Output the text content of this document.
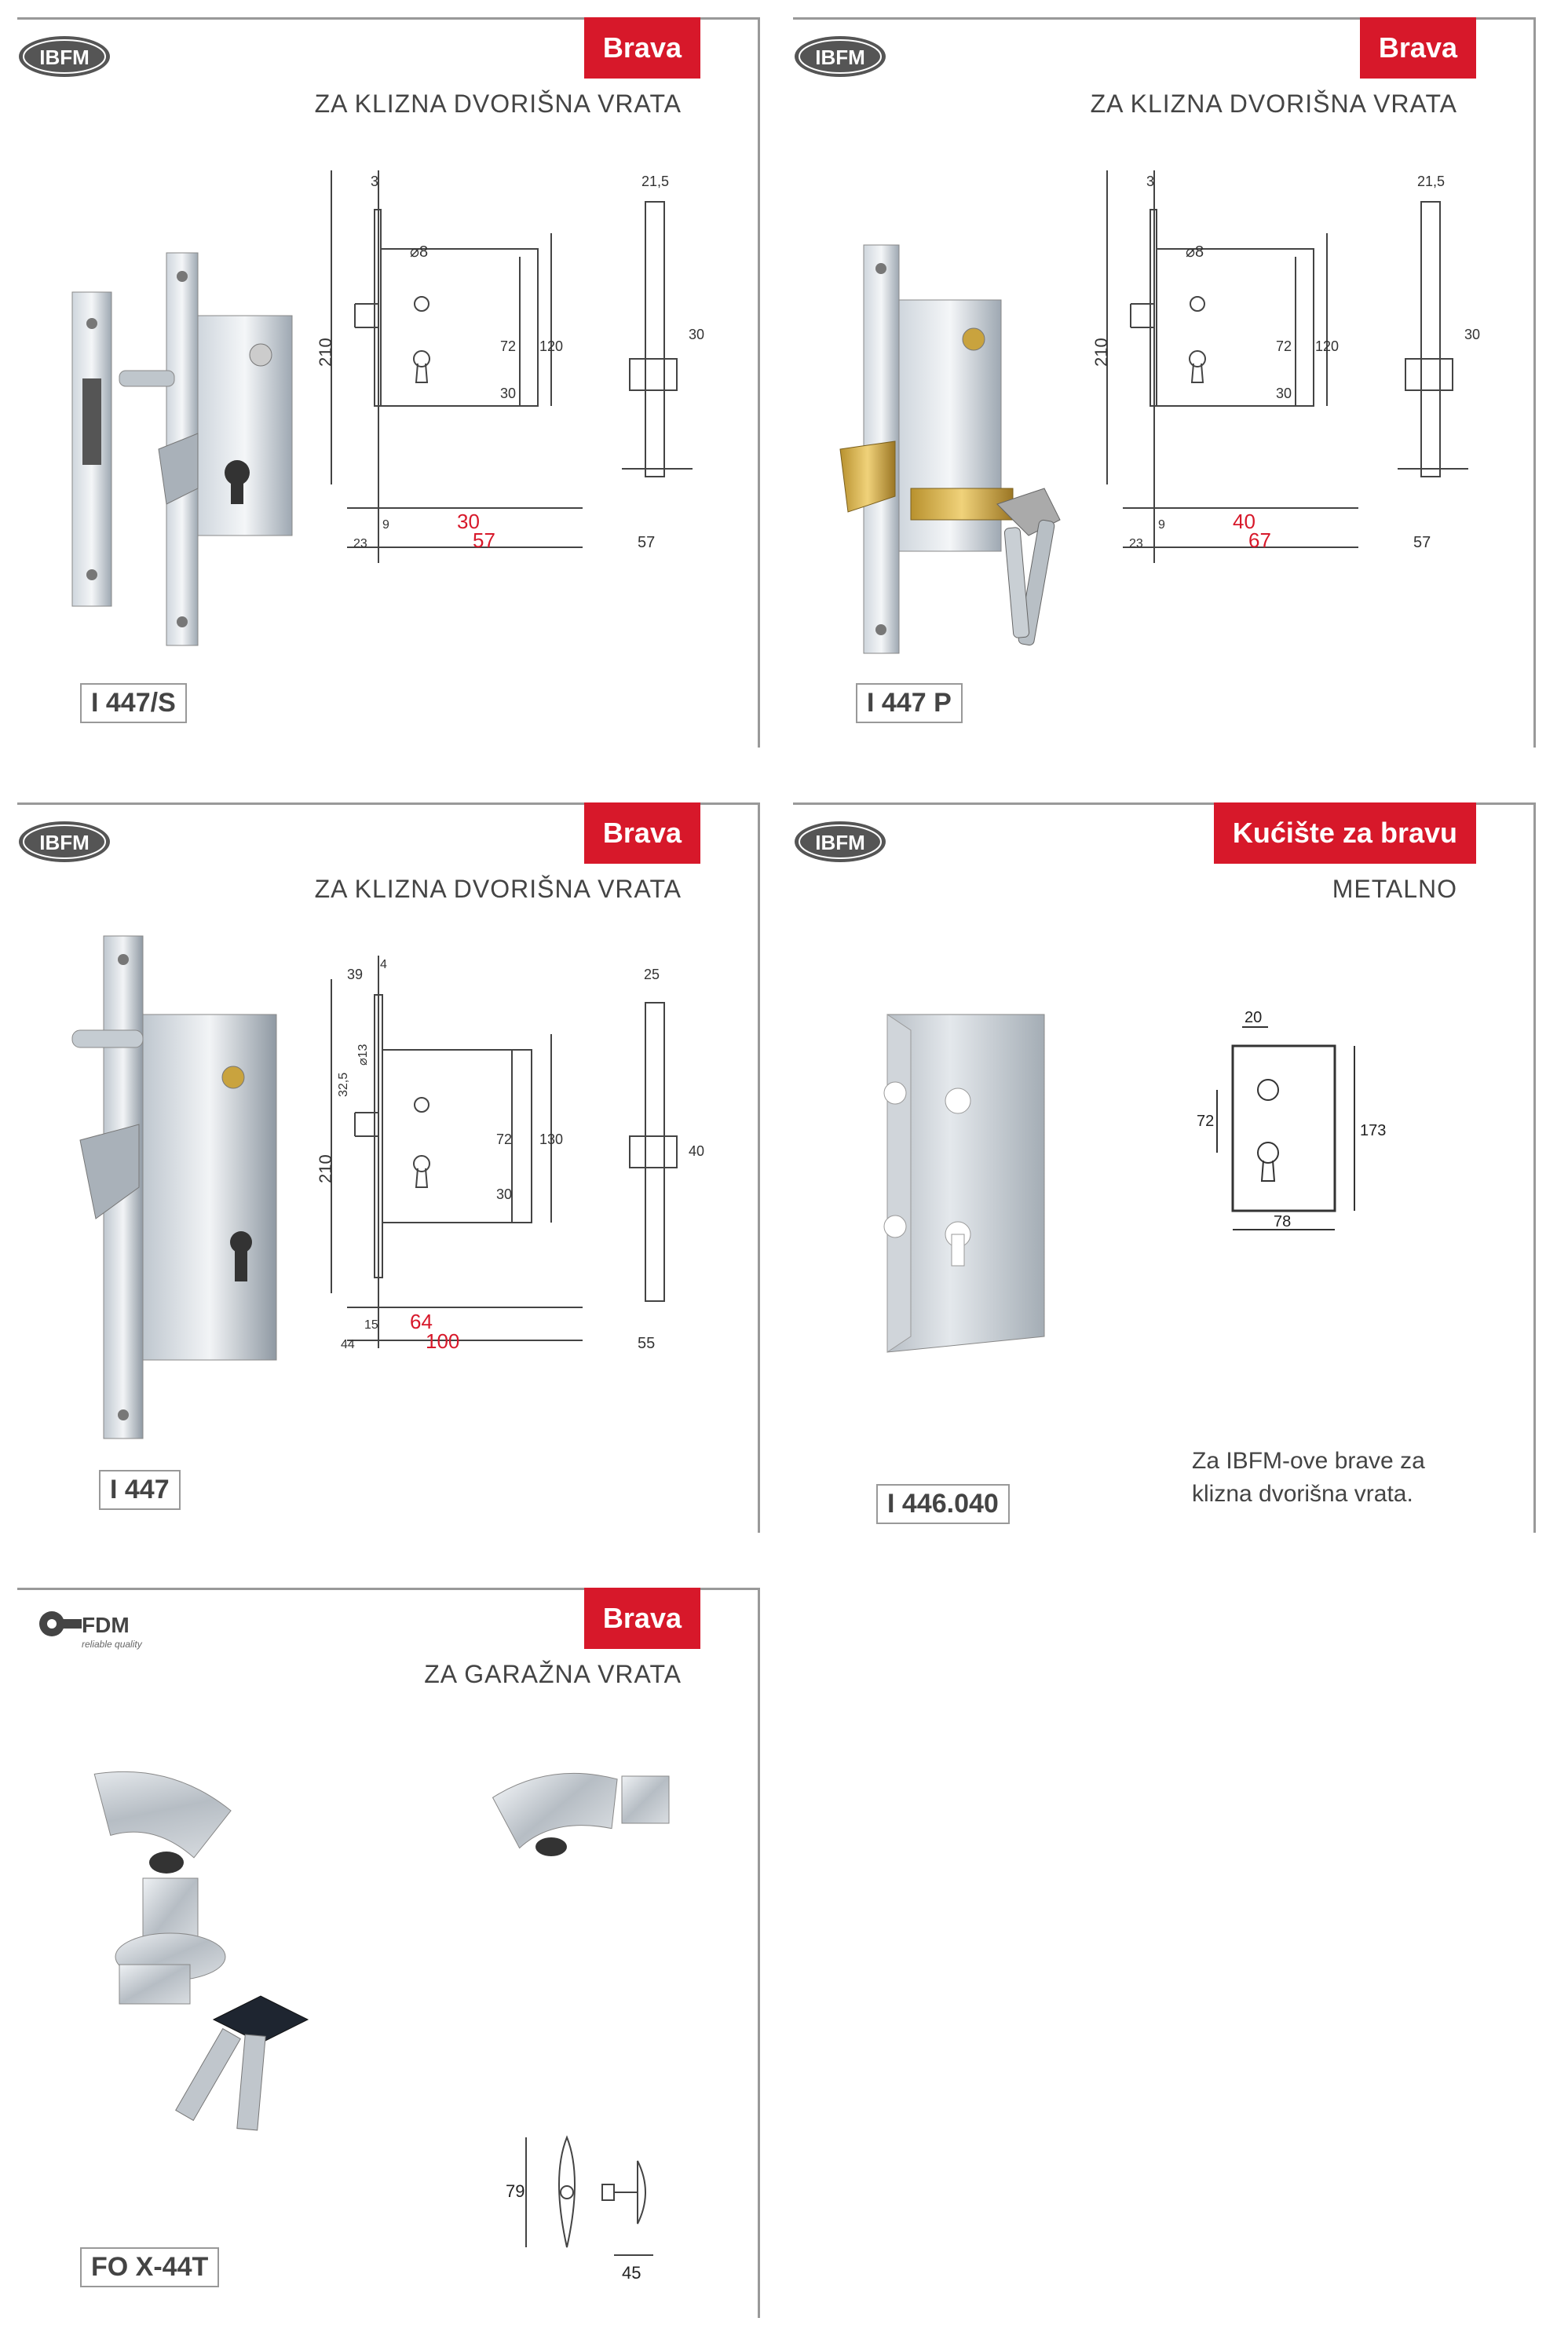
IBFM	Brava
ZA KLIZNA DVORIŠNA VRATA
3	21,5
⌀8
210	72 120
30
30
9
23
30
57	57
I 447/S
IBFM	Brava
ZA KLIZNA DVORIŠNA VRATA
3	21,5
⌀8
210	72 120
30
30
9
23
40
67	57
I 447 P
IBFM	Brava
ZA KLIZNA DVORIŠNA VRATA
39
4
25
⌀13
32,5
210
72 130
30
40
15
44
64
100	55
I 447
IBFM	Kućište za bravu
METALNO
20
72
173
78
Za IBFM-ove brave za
klizna dvorišna vrata.
I 446.040
FDM
reliable quality
Brava
ZA GARAŽNA VRATA
79
45
FO X-44T
